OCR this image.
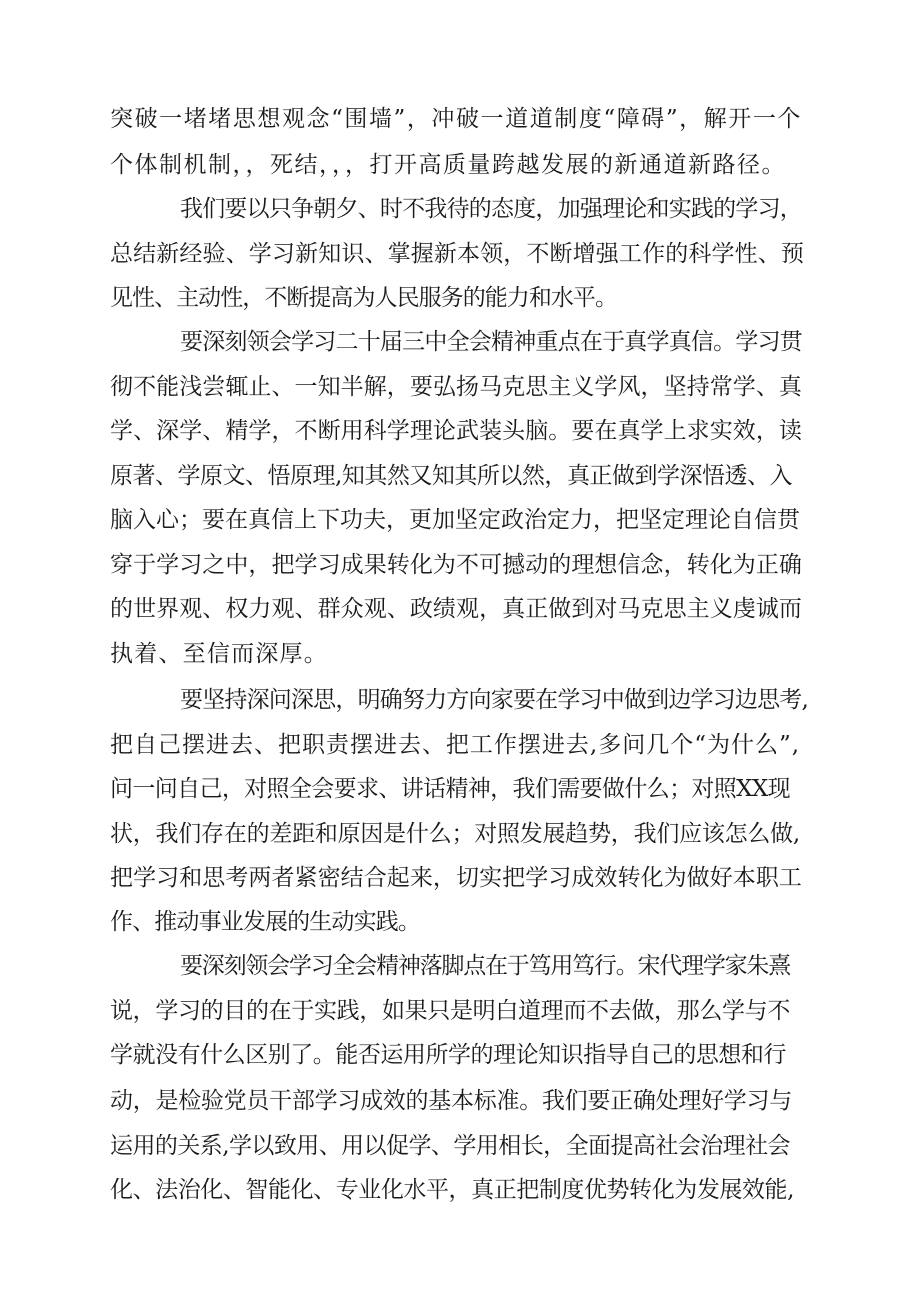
突破一堵堵思想观念“围墙”，冲破一道道制度“障碍”，解开一个
个体制机制，，死结，，，打开高质量跨越发展的新通道新路径。
我们要以只争朝夕、时不我待的态度，加强理论和实践的学习，
总结新经验、学习新知识、掌握新本领，不断增强工作的科学性、预
见性、主动性，不断提高为人民服务的能力和水平。
要深刻领会学习二十届三中全会精神重点在于真学真信。学习贯
彻不能浅尝辄止、一知半解，要弘扬马克思主义学风，坚持常学、真
学、深学、精学，不断用科学理论武装头脑。要在真学上求实效，读
原著、学原文、悟原理,知其然又知其所以然，真正做到学深悟透、入
脑入心；要在真信上下功夫，更加坚定政治定力，把坚定理论自信贯
穿于学习之中，把学习成果转化为不可撼动的理想信念，转化为正确
的世界观、权力观、群众观、政绩观，真正做到对马克思主义虔诚而
执着、至信而深厚。
要坚持深问深思，明确努力方向家要在学习中做到边学习边思考,
把自己摆进去、把职责摆进去、把工作摆进去,多问几个“为什么”,
问一问自己，对照全会要求、讲话精神，我们需要做什么；对照XX现
状，我们存在的差距和原因是什么；对照发展趋势，我们应该怎么做,
把学习和思考两者紧密结合起来，切实把学习成效转化为做好本职工
作、推动事业发展的生动实践。
要深刻领会学习全会精神落脚点在于笃用笃行。宋代理学家朱熹
说，学习的目的在于实践，如果只是明白道理而不去做，那么学与不
学就没有什么区别了。能否运用所学的理论知识指导自己的思想和行
动，是检验党员干部学习成效的基本标准。我们要正确处理好学习与
运用的关系,学以致用、用以促学、学用相长，全面提高社会治理社会
化、法治化、智能化、专业化水平，真正把制度优势转化为发展效能,
